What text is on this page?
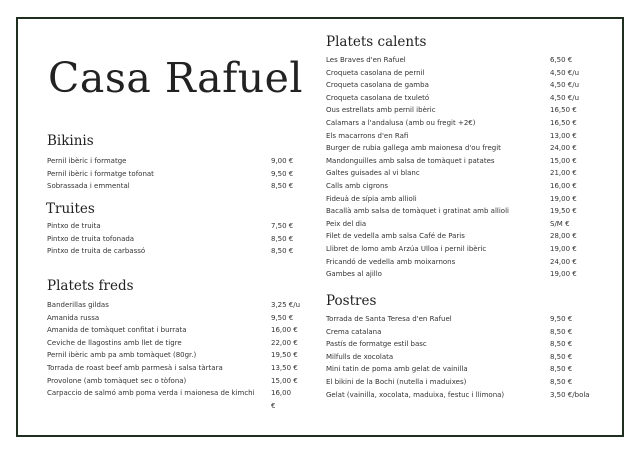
Casa Rafuel
Bikinis
Pernil ibèric i formatge	9,00 €
Pernil ibèric i formatge tofonat	9,50 €
Sobrassada i emmental	8,50 €
Truites
Pintxo de truita	7,50 €
Pintxo de truita tofonada	8,50 €
Pintxo de truita de carbassó	8,50 €
Platets freds
Banderillas gildas	3,25 €/u
Amanida russa	9,50 €
Amanida de tomàquet confitat i burrata	16,00 €
Ceviche de llagostins amb llet de tigre	22,00 €
Pernil ibèric amb pa amb tomàquet (80gr.)	19,50 €
Torrada de roast beef amb parmesà i salsa tàrtara	13,50 €
Provolone (amb tomàquet sec o tòfona)	15,00 €
Carpaccio de salmó amb poma verda i maionesa de kimchi	16,00 €
Platets calents
Les Braves d'en Rafuel	6,50 €
Croqueta casolana de pernil	4,50 €/u
Croqueta casolana de gamba	4,50 €/u
Croqueta casolana de txuletó	4,50 €/u
Ous estrellats amb pernil ibèric	16,50 €
Calamars a l'andalusa (amb ou fregit +2€)	16,50 €
Els macarrons d'en Rafi	13,00 €
Burger de rubia gallega amb maionesa d'ou fregit	24,00 €
Mandonguilles amb salsa de tomàquet i patates	15,00 €
Galtes guisades al vi blanc	21,00 €
Calls amb cigrons	16,00 €
Fideuà de sípia amb allioli	19,00 €
Bacallà amb salsa de tomàquet i gratinat amb allioli	19,50 €
Peix del dia	S/M €
Filet de vedella amb salsa Café de Paris	28,00 €
Llibret de lomo amb Arzúa Ulloa i pernil ibèric	19,00 €
Fricandó de vedella amb moixarnons	24,00 €
Gambes al ajillo	19,00 €
Postres
Torrada de Santa Teresa d'en Rafuel	9,50 €
Crema catalana	8,50 €
Pastís de formatge estil basc	8,50 €
Milfulls de xocolata	8,50 €
Mini tatin de poma amb gelat de vainilla	8,50 €
El bikini de la Bochi (nutella i maduixes)	8,50 €
Gelat (vainilla, xocolata, maduixa, festuc i llimona)	3,50 €/bola
